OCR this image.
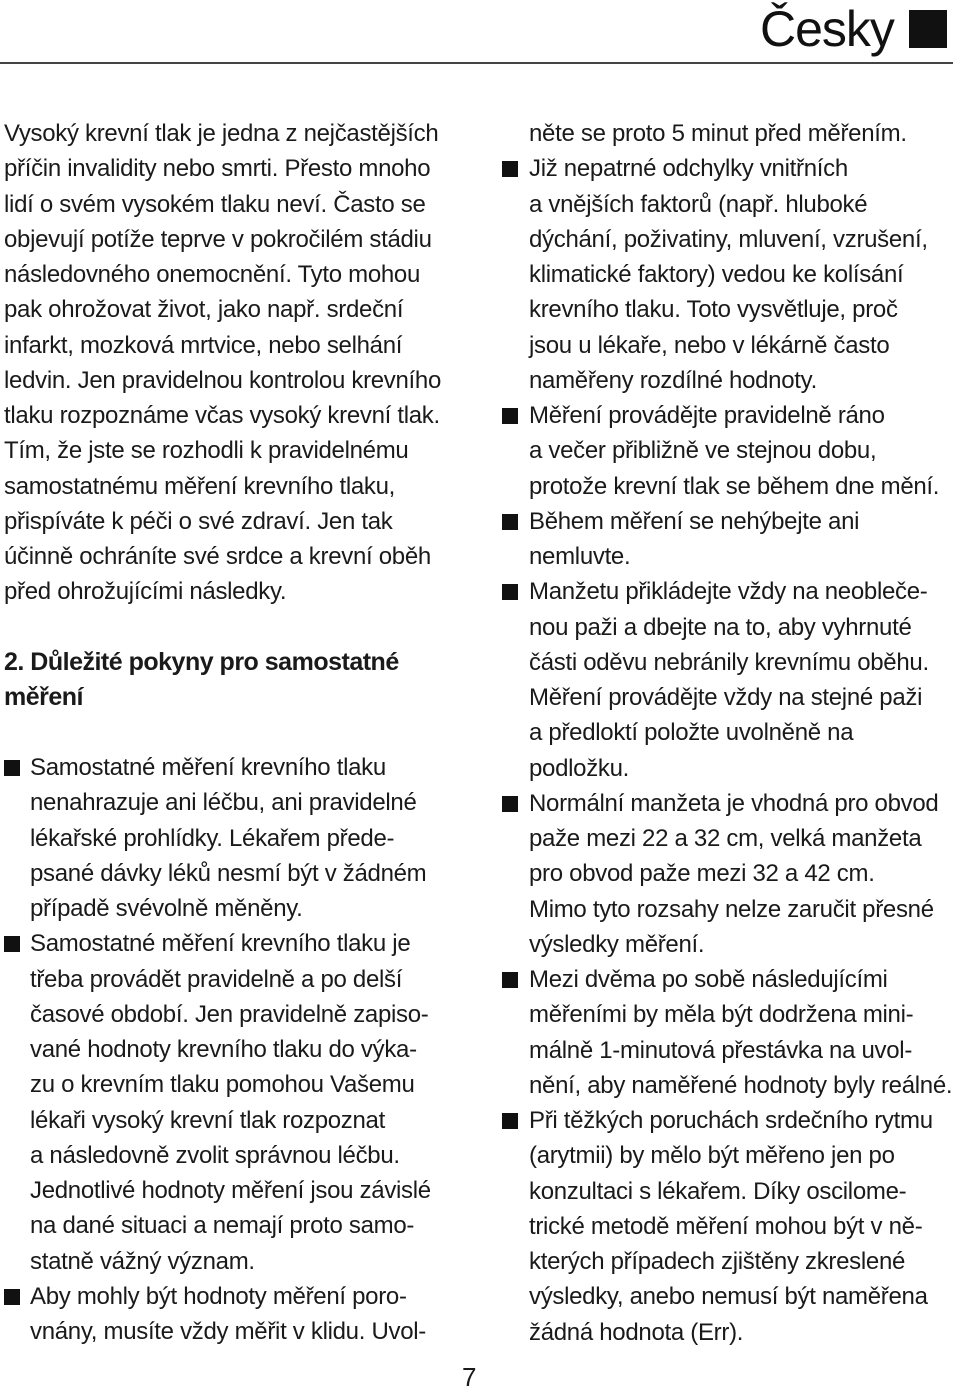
Česky
Vysoký krevní tlak je jedna z nejčastějších
příčin invalidity nebo smrti. Přesto mnoho
lidí o svém vysokém tlaku neví. Často se
objevují potíže teprve v pokročilém stádiu
následovného onemocnění. Tyto mohou
pak ohrožovat život, jako např. srdeční
infarkt, mozková mrtvice, nebo selhání
ledvin. Jen pravidelnou kontrolou krevního
tlaku rozpoznáme včas vysoký krevní tlak.
Tím, že jste se rozhodli k pravidelnému
samostatnému měření krevního tlaku,
přispíváte k péči o své zdraví. Jen tak
účinně ochráníte své srdce a krevní oběh
před ohrožujícími následky.
2. Důležité pokyny pro samostatné
měření
Samostatné měření krevního tlaku
nenahrazuje ani léčbu, ani pravidelné
lékařské prohlídky. Lékařem přede-
psané dávky léků nesmí být v žádném
případě svévolně měněny.
Samostatné měření krevního tlaku je
třeba provádět pravidelně a po delší
časové období. Jen pravidelně zapiso-
vané hodnoty krevního tlaku do výka-
zu o krevním tlaku pomohou Vašemu
lékaři vysoký krevní tlak rozpoznat
a následovně zvolit správnou léčbu.
Jednotlivé hodnoty měření jsou závislé
na dané situaci a nemají proto samo-
statně vážný význam.
Aby mohly být hodnoty měření poro-
vnány, musíte vždy měřit v klidu. Uvol-
něte se proto 5 minut před měřením.
Již nepatrné odchylky vnitřních
a vnějších faktorů (např. hluboké
dýchání, poživatiny, mluvení, vzrušení,
klimatické faktory) vedou ke kolísání
krevního tlaku. Toto vysvětluje, proč
jsou u lékaře, nebo v lékárně často
naměřeny rozdílné hodnoty.
Měření provádějte pravidelně ráno
a večer přibližně ve stejnou dobu,
protože krevní tlak se během dne mění.
Během měření se nehýbejte ani
nemluvte.
Manžetu přikládejte vždy na neobleče-
nou paži a dbejte na to, aby vyhrnuté
části oděvu nebránily krevnímu oběhu.
Měření provádějte vždy na stejné paži
a předloktí položte uvolněně na
podložku.
Normální manžeta je vhodná pro obvod
paže mezi 22 a 32 cm, velká manžeta
pro obvod paže mezi 32 a 42 cm.
Mimo tyto rozsahy nelze zaručit přesné
výsledky měření.
Mezi dvěma po sobě následujícími
měřeními by měla být dodržena mini-
málně 1-minutová přestávka na uvol-
nění, aby naměřené hodnoty byly reálné.
Při těžkých poruchách srdečního rytmu
(arytmii) by mělo být měřeno jen po
konzultaci s lékařem. Díky oscilome-
trické metodě měření mohou být v ně-
kterých případech zjištěny zkreslené
výsledky, anebo nemusí být naměřena
žádná hodnota (Err).
7
